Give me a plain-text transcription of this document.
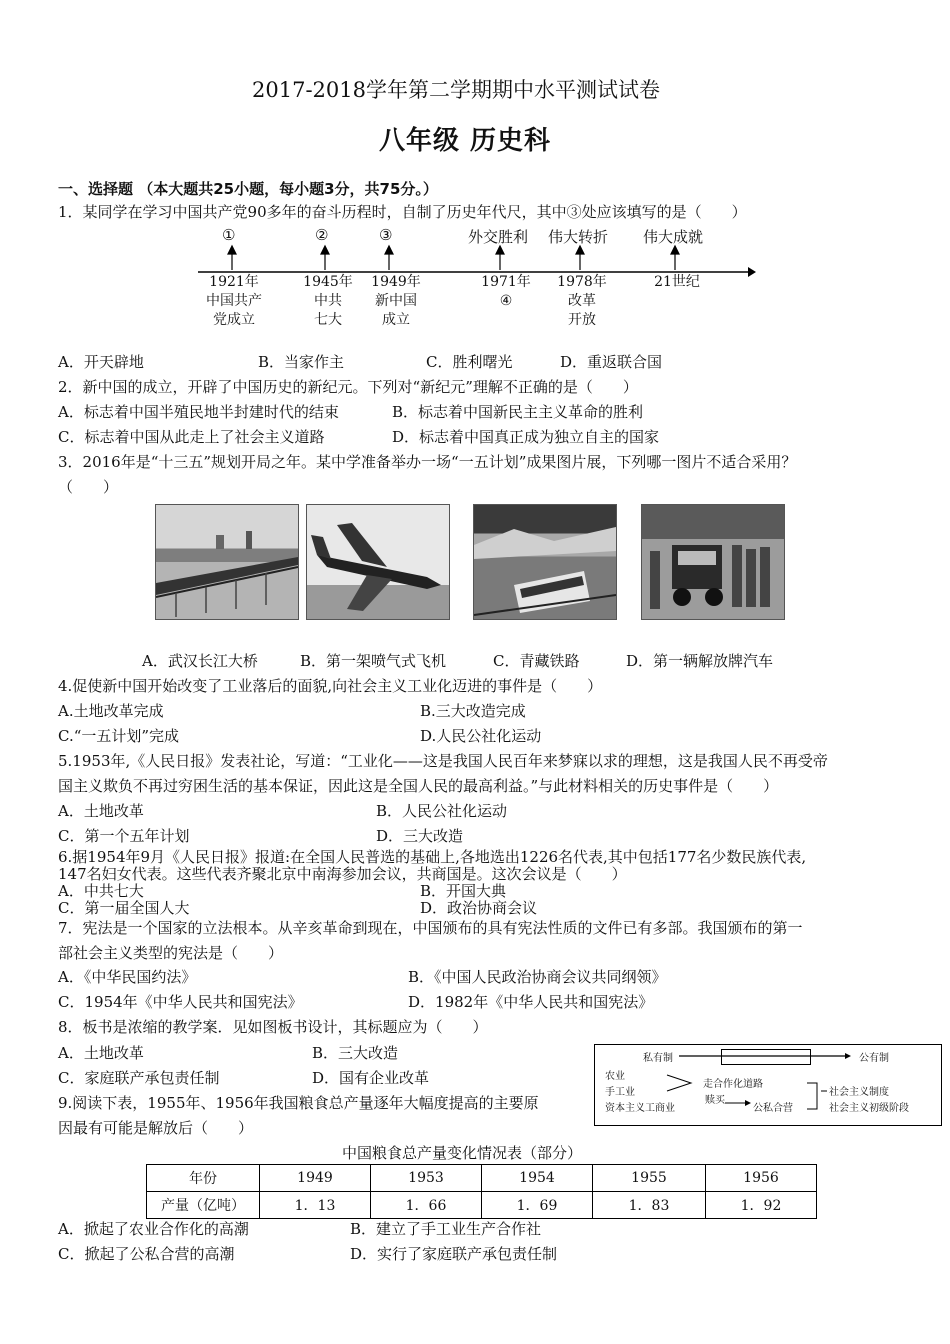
2017-2018学年第二学期期中水平测试试卷
八年级 历史科
一、选择题 （本大题共25小题，每小题3分，共75分。）
1．某同学在学习中国共产党90多年的奋斗历程时，自制了历史年代尺，其中③处应该填写的是（　　）
①	②	③	外交胜利 伟大转折 伟大成就
1921年
中国共产
党成立
1945年
中共
七大
1949年
新中国
成立
1971年
④
1978年
改革
开放
21世纪
A．开天辟地	B．当家作主	C．胜利曙光	D．重返联合国
2．新中国的成立，开辟了中国历史的新纪元。下列对“新纪元”理解不正确的是（　　）
A．标志着中国半殖民地半封建时代的结束	B．标志着中国新民主主义革命的胜利
C．标志着中国从此走上了社会主义道路	D．标志着中国真正成为独立自主的国家
3．2016年是“十三五”规划开局之年。某中学准备举办一场“一五计划”成果图片展，下列哪一图片不适合采用？
（　　）
A．武汉长江大桥	B．第一架喷气式飞机	C．青藏铁路	D．第一辆解放牌汽车
4.促使新中国开始改变了工业落后的面貌,向社会主义工业化迈进的事件是（　　）
A.土地改革完成	B.三大改造完成
C.“一五计划”完成	D.人民公社化运动
5.1953年,《人民日报》发表社论，写道：“工业化——这是我国人民百年来梦寐以求的理想，这是我国人民不再受帝
国主义欺负不再过穷困生活的基本保证，因此这是全国人民的最高利益。”与此材料相关的历史事件是（　　）
A．土地改革	B．人民公社化运动
C．第一个五年计划	D．三大改造
6.据1954年9月《人民日报》报道:在全国人民普选的基础上,各地选出1226名代表,其中包括177名少数民族代表,
147名妇女代表。这些代表齐聚北京中南海参加会议，共商国是。这次会议是（　　）
A．中共七大	B．开国大典
C．第一届全国人大	D．政治协商会议
7．宪法是一个国家的立法根本。从辛亥革命到现在，中国颁布的具有宪法性质的文件已有多部。我国颁布的第一
部社会主义类型的宪法是（　　）
A．《中华民国约法》	B．《中国人民政治协商会议共同纲领》
C．1954年《中华人民共和国宪法》	D．1982年《中华人民共和国宪法》
8．板书是浓缩的教学案．见如图板书设计，其标题应为（　　）
A．土地改革	B．三大改造
C．家庭联产承包责任制	D．国有企业改革
私有制	公有制
农业
手工业
资本主义工商业
走合作化道路
赎买
公私合营
社会主义制度
社会主义初级阶段
9.阅读下表，1955年、1956年我国粮食总产量逐年大幅度提高的主要原
因最有可能是解放后（　　）
中国粮食总产量变化情况表（部分）
年份	1949	1953	1954	1955	1956
产量（亿吨）	1．13	1．66	1．69	1．83	1．92
A．掀起了农业合作化的高潮	B．建立了手工业生产合作社
C．掀起了公私合营的高潮	D．实行了家庭联产承包责任制
